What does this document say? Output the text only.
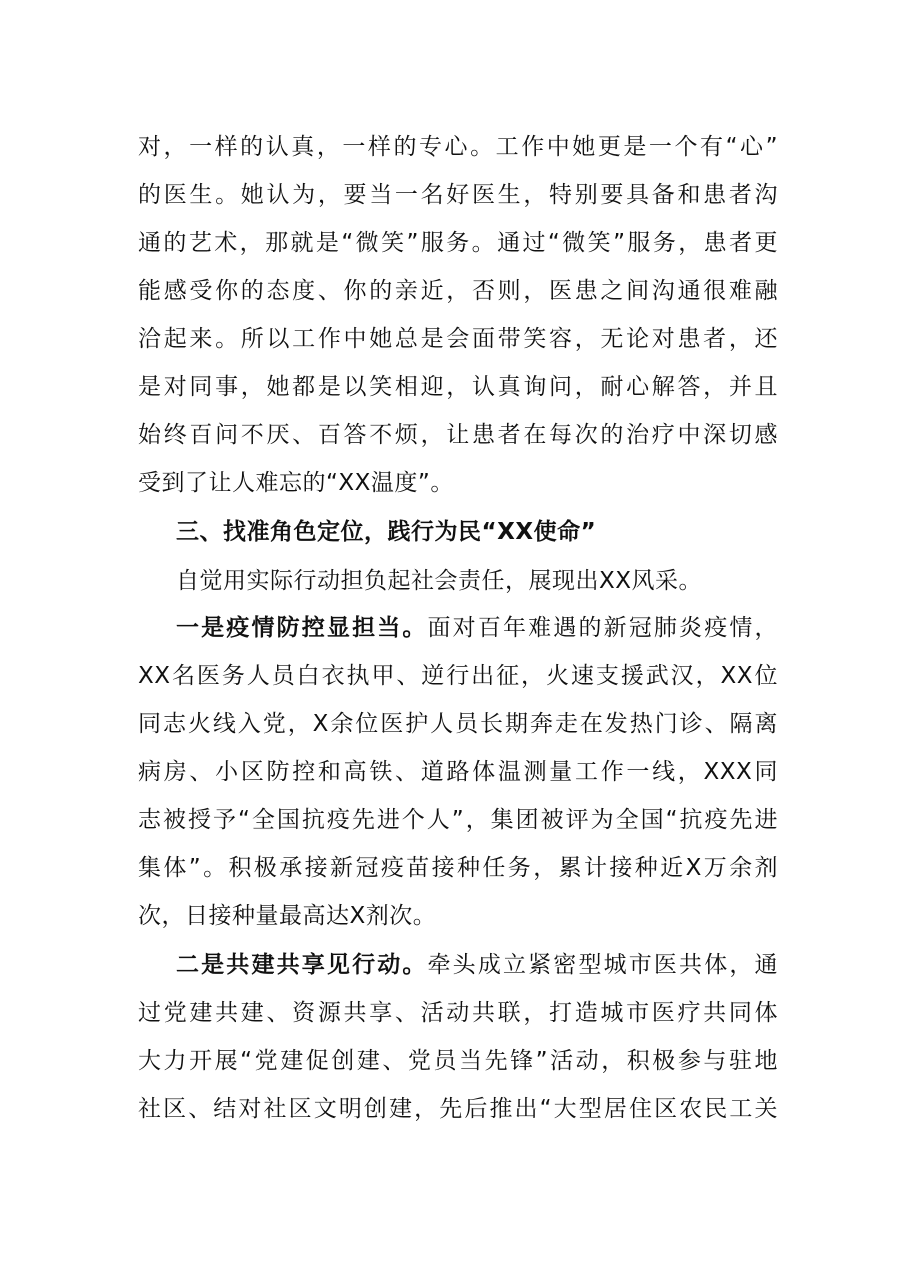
对，一样的认真，一样的专心。工作中她更是一个有“心”
的医生。她认为，要当一名好医生，特别要具备和患者沟
通的艺术，那就是“微笑”服务。通过“微笑”服务，患者更
能感受你的态度、你的亲近，否则，医患之间沟通很难融
洽起来。所以工作中她总是会面带笑容，无论对患者，还
是对同事，她都是以笑相迎，认真询问，耐心解答，并且
始终百问不厌、百答不烦，让患者在每次的治疗中深切感
受到了让人难忘的“XX温度”。
三、找准角色定位，践行为民“XX使命”
自觉用实际行动担负起社会责任，展现出XX风采。
一是疫情防控显担当。面对百年难遇的新冠肺炎疫情，
XX名医务人员白衣执甲、逆行出征，火速支援武汉，XX位
同志火线入党，X余位医护人员长期奔走在发热门诊、隔离
病房、小区防控和高铁、道路体温测量工作一线，XXX同
志被授予“全国抗疫先进个人”，集团被评为全国“抗疫先进
集体”。积极承接新冠疫苗接种任务，累计接种近X万余剂
次，日接种量最高达X剂次。
二是共建共享见行动。牵头成立紧密型城市医共体，通
过党建共建、资源共享、活动共联，打造城市医疗共同体
大力开展“党建促创建、党员当先锋”活动，积极参与驻地
社区、结对社区文明创建，先后推出“大型居住区农民工关
